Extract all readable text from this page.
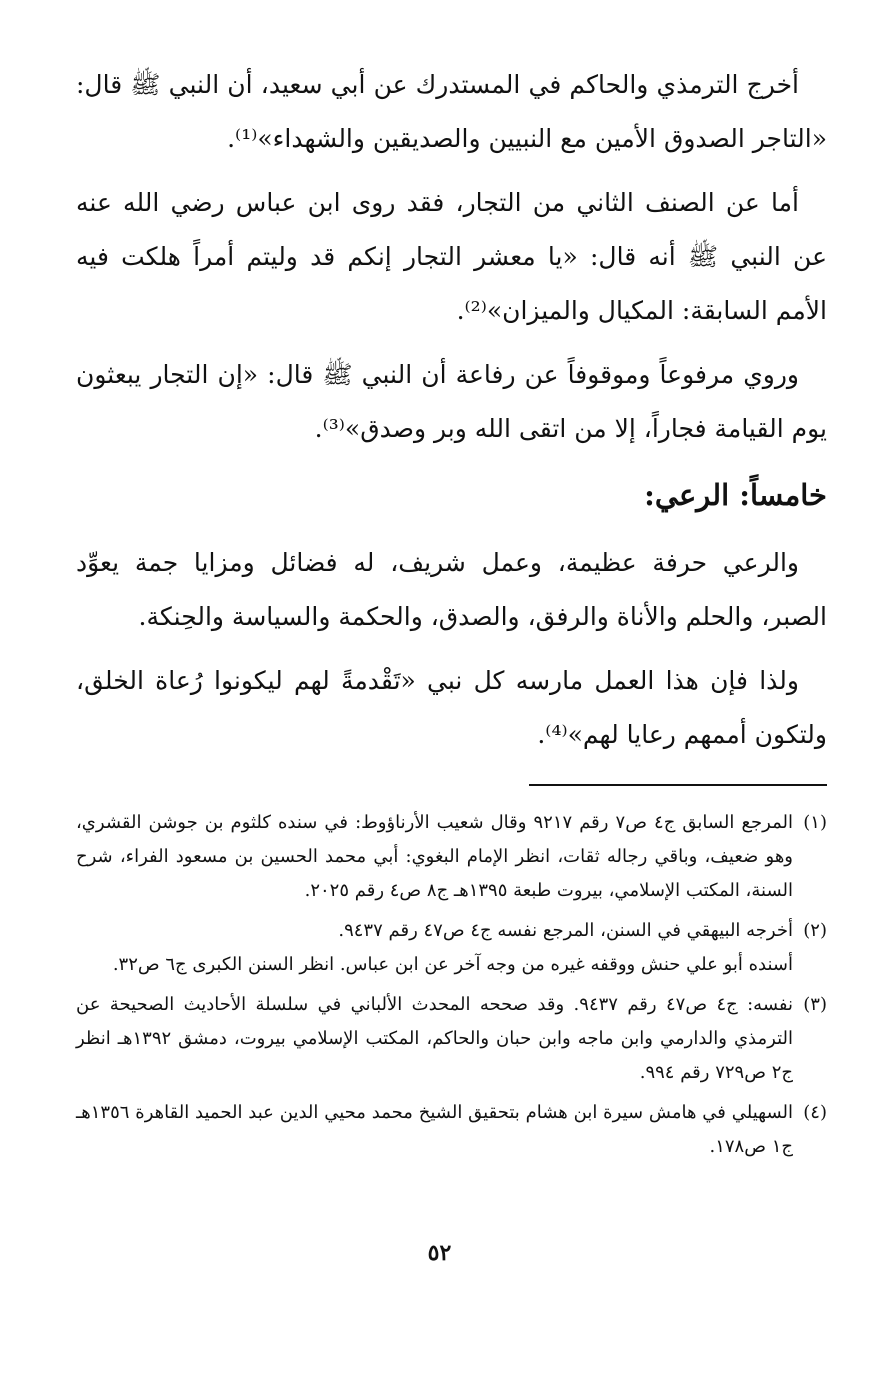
أخرج الترمذي والحاكم في المستدرك عن أبي سعيد، أن النبي ﷺ قال: «التاجر الصدوق الأمين مع النبيين والصديقين والشهداء»⁽¹⁾.

أما عن الصنف الثاني من التجار، فقد روى ابن عباس رضي الله عنه عن النبي ﷺ أنه قال: «يا معشر التجار إنكم قد وليتم أمراً هلكت فيه الأمم السابقة: المكيال والميزان»⁽²⁾.

وروي مرفوعاً وموقوفاً عن رفاعة أن النبي ﷺ قال: «إن التجار يبعثون يوم القيامة فجاراً، إلا من اتقى الله وبر وصدق»⁽³⁾.

خامساً: الرعي:

والرعي حرفة عظيمة، وعمل شريف، له فضائل ومزايا جمة يعوِّد الصبر، والحلم والأناة والرفق، والصدق، والحكمة والسياسة والحِنكة.

ولذا فإن هذا العمل مارسه كل نبي «تَقْدمةً لهم ليكونوا رُعاة الخلق، ولتكون أممهم رعايا لهم»⁽⁴⁾.

(١)
المرجع السابق ج٤ ص٧ رقم ٩٢١٧ وقال شعيب الأرناؤوط: في سنده كلثوم بن جوشن القشري، وهو ضعيف، وباقي رجاله ثقات، انظر الإمام البغوي: أبي محمد الحسين بن مسعود الفراء، شرح السنة، المكتب الإسلامي، بيروت طبعة ١٣٩٥هـ ج٨ ص٤ رقم ٢٠٢٥.
(٢)
أخرجه البيهقي في السنن، المرجع نفسه ج٤ ص٤٧ رقم ٩٤٣٧.
أسنده أبو علي حنش ووقفه غيره من وجه آخر عن ابن عباس. انظر السنن الكبرى ج٦ ص٣٢.
(٣)
نفسه: ج٤ ص٤٧ رقم ٩٤٣٧. وقد صححه المحدث الألباني في سلسلة الأحاديث الصحيحة عن الترمذي والدارمي وابن ماجه وابن حبان والحاكم، المكتب الإسلامي بيروت، دمشق ١٣٩٢هـ انظر ج٢ ص٧٢٩ رقم ٩٩٤.
(٤)
السهيلي في هامش سيرة ابن هشام بتحقيق الشيخ محمد محيي الدين عبد الحميد القاهرة ١٣٥٦هـ ج١ ص١٧٨.
٥٢
